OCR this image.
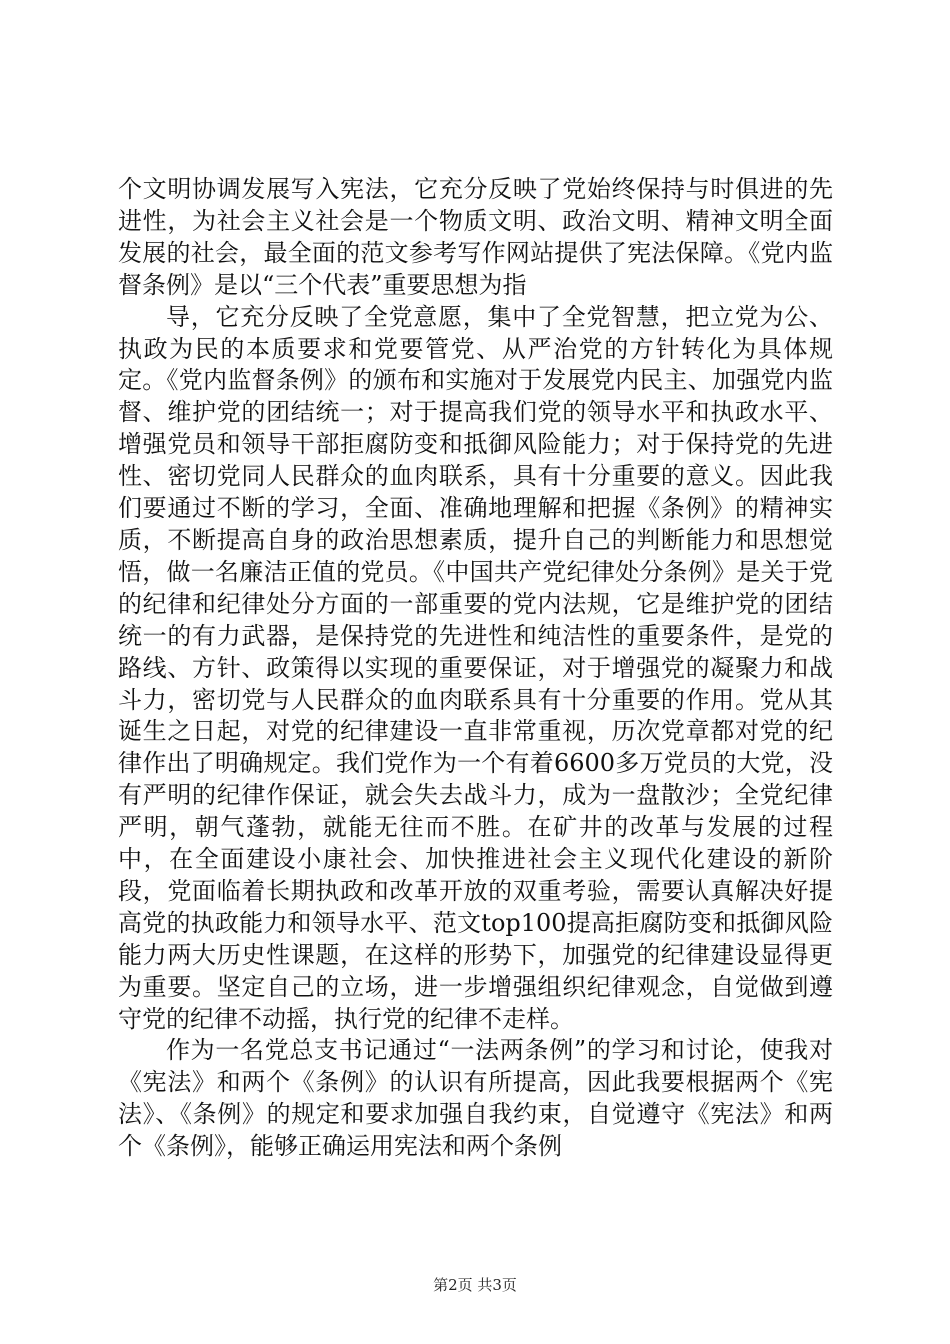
个文明协调发展写入宪法，它充分反映了党始终保持与时俱进的先进性，为社会主义社会是一个物质文明、政治文明、精神文明全面发展的社会，最全面的范文参考写作网站提供了宪法保障。《党内监督条例》是以“三个代表”重要思想为指

导，它充分反映了全党意愿，集中了全党智慧，把立党为公、执政为民的本质要求和党要管党、从严治党的方针转化为具体规定。《党内监督条例》的颁布和实施对于发展党内民主、加强党内监督、维护党的团结统一；对于提高我们党的领导水平和执政水平、增强党员和领导干部拒腐防变和抵御风险能力；对于保持党的先进性、密切党同人民群众的血肉联系，具有十分重要的意义。因此我们要通过不断的学习，全面、准确地理解和把握《条例》的精神实质，不断提高自身的政治思想素质，提升自己的判断能力和思想觉悟，做一名廉洁正值的党员。《中国共产党纪律处分条例》是关于党的纪律和纪律处分方面的一部重要的党内法规，它是维护党的团结统一的有力武器，是保持党的先进性和纯洁性的重要条件，是党的路线、方针、政策得以实现的重要保证，对于增强党的凝聚力和战斗力，密切党与人民群众的血肉联系具有十分重要的作用。党从其诞生之日起，对党的纪律建设一直非常重视，历次党章都对党的纪律作出了明确规定。我们党作为一个有着6600多万党员的大党，没有严明的纪律作保证，就会失去战斗力，成为一盘散沙；全党纪律严明，朝气蓬勃，就能无往而不胜。在矿井的改革与发展的过程中，在全面建设小康社会、加快推进社会主义现代化建设的新阶段，党面临着长期执政和改革开放的双重考验，需要认真解决好提高党的执政能力和领导水平、范文top100提高拒腐防变和抵御风险能力两大历史性课题，在这样的形势下，加强党的纪律建设显得更为重要。坚定自己的立场，进一步增强组织纪律观念，自觉做到遵守党的纪律不动摇，执行党的纪律不走样。

作为一名党总支书记通过“一法两条例”的学习和讨论，使我对《宪法》和两个《条例》的认识有所提高，因此我要根据两个《宪法》、《条例》的规定和要求加强自我约束，自觉遵守《宪法》和两个《条例》，能够正确运用宪法和两个条例

第2页 共3页
